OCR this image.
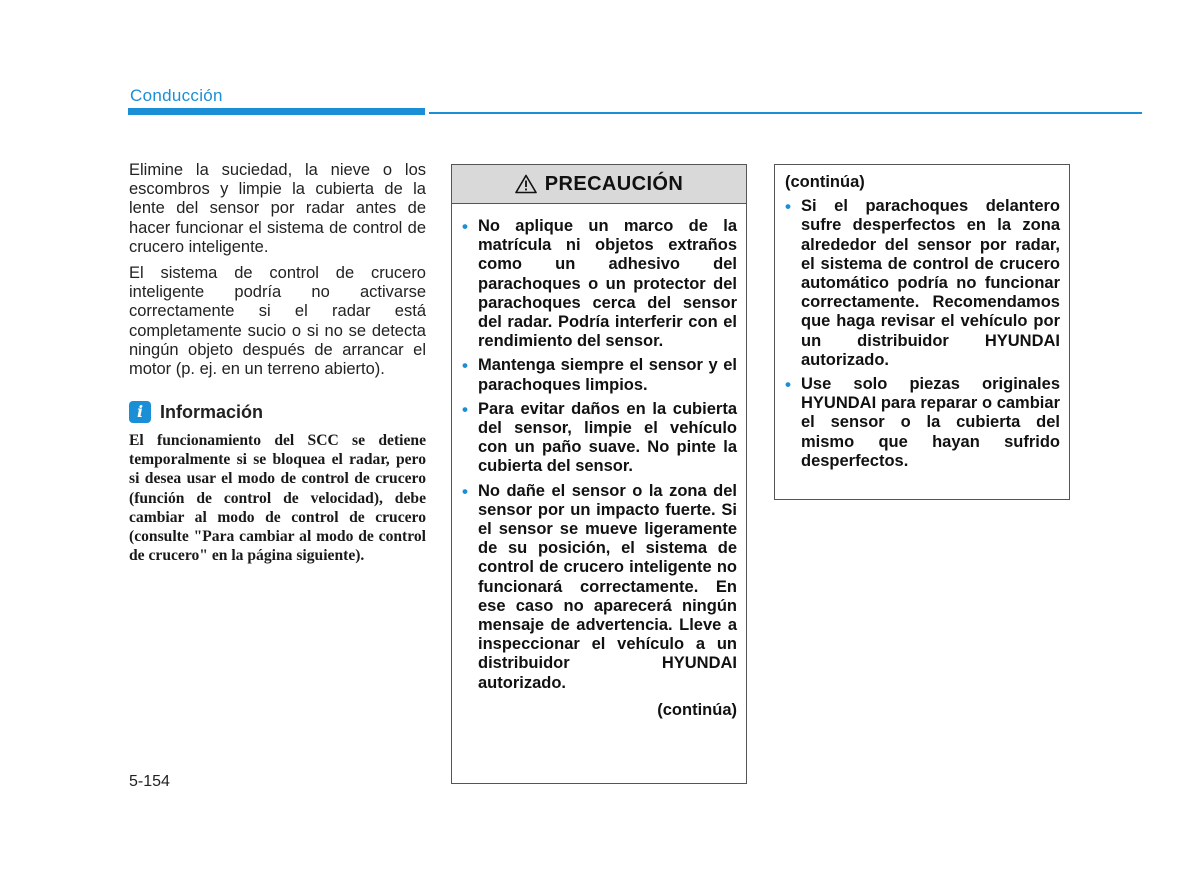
Conducción

Elimine la suciedad, la nieve o los escombros y limpie la cubierta de la lente del sensor por radar antes de hacer funcionar el sistema de control de crucero inteligente.

El sistema de control de crucero inteligente podría no activarse correctamente si el radar está completamente sucio o si no se detecta ningún objeto después de arrancar el motor (p. ej. en un terreno abierto).

i Información
El funcionamiento del SCC se detiene temporalmente si se bloquea el radar, pero si desea usar el modo de control de crucero (función de control de velocidad), debe cambiar al modo de control de crucero (consulte "Para cambiar al modo de control de crucero" en la página siguiente).
PRECAUCIÓN
• No aplique un marco de la matrícula ni objetos extraños como un adhesivo del parachoques o un protector del parachoques cerca del sensor del radar. Podría interferir con el rendimiento del sensor.
• Mantenga siempre el sensor y el parachoques limpios.
• Para evitar daños en la cubierta del sensor, limpie el vehículo con un paño suave. No pinte la cubierta del sensor.
• No dañe el sensor o la zona del sensor por un impacto fuerte. Si el sensor se mueve ligeramente de su posición, el sistema de control de crucero inteligente no funcionará correctamente. En ese caso no aparecerá ningún mensaje de advertencia. Lleve a inspeccionar el vehículo a un distribuidor HYUNDAI autorizado.
(continúa)
(continúa)
• Si el parachoques delantero sufre desperfectos en la zona alrededor del sensor por radar, el sistema de control de crucero automático podría no funcionar correctamente. Recomendamos que haga revisar el vehículo por un distribuidor HYUNDAI autorizado.
• Use solo piezas originales HYUNDAI para reparar o cambiar el sensor o la cubierta del mismo que hayan sufrido desperfectos.
5-154
